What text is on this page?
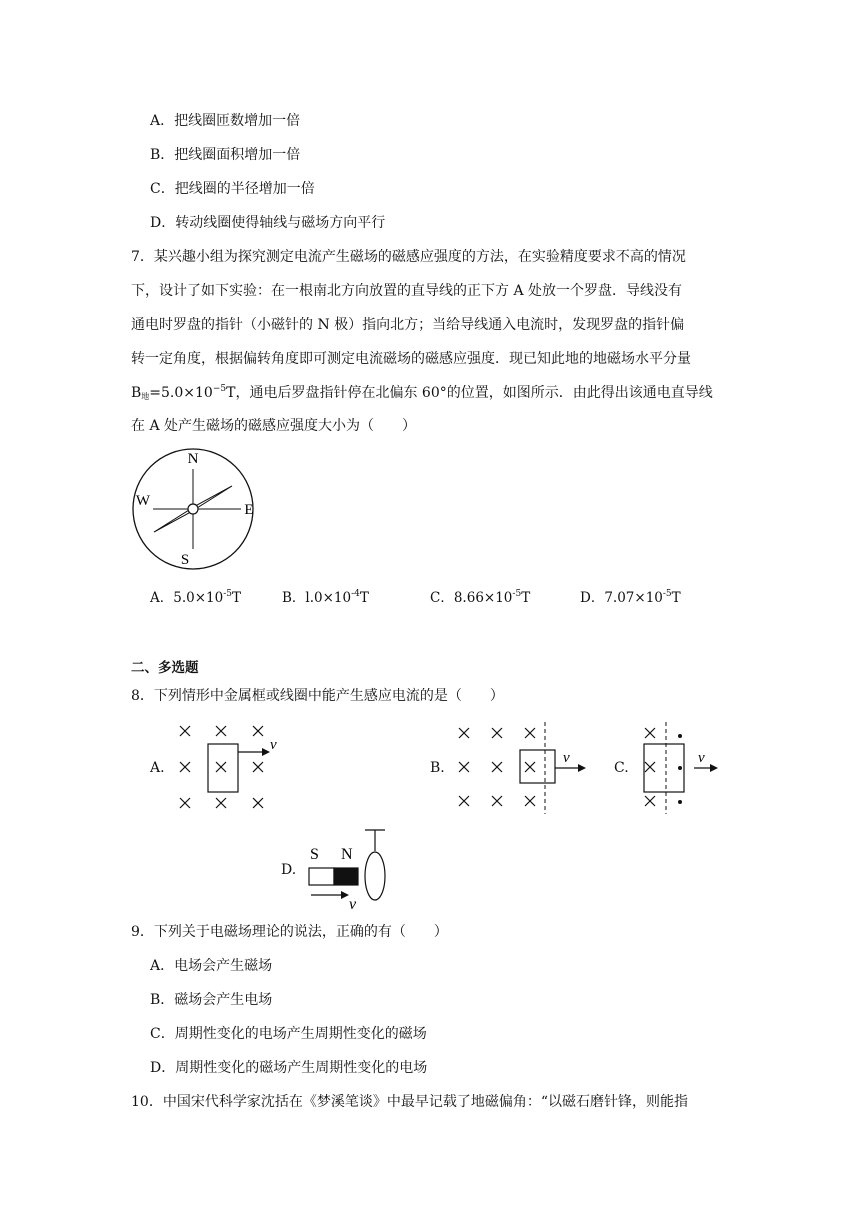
A．把线圈匝数增加一倍
B．把线圈面积增加一倍
C．把线圈的半径增加一倍
D．转动线圈使得轴线与磁场方向平行
7．某兴趣小组为探究测定电流产生磁场的磁感应强度的方法，在实验精度要求不高的情况
下，设计了如下实验：在一根南北方向放置的直导线的正下方 A 处放一个罗盘．导线没有
通电时罗盘的指针（小磁针的 N 极）指向北方；当给导线通入电流时，发现罗盘的指针偏
转一定角度，根据偏转角度即可测定电流磁场的磁感应强度．现已知此地的地磁场水平分量
$B_地=5.0\times 10^{-5}T$，通电后罗盘指针停在北偏东 60°的位置，如图所示．由此得出该通电直导线
在 A 处产生磁场的磁感应强度大小为（　　）
N
S
W
E
A．$5.0\times 10^{-5}T$	B．$l.0\times 10^{-4}T$	C．$8.66\times 10^{-5}T$	D．$7.07\times 10^{-5}T$
二、多选题
8．下列情形中金属框或线圈中能产生感应电流的是（　　）
A.
v
B.
v
C.
v
D.
S N
v
9．下列关于电磁场理论的说法，正确的有（　　）
A．电场会产生磁场
B．磁场会产生电场
C．周期性变化的电场产生周期性变化的磁场
D．周期性变化的磁场产生周期性变化的电场
10．中国宋代科学家沈括在《梦溪笔谈》中最早记载了地磁偏角：“以磁石磨针锋，则能指
